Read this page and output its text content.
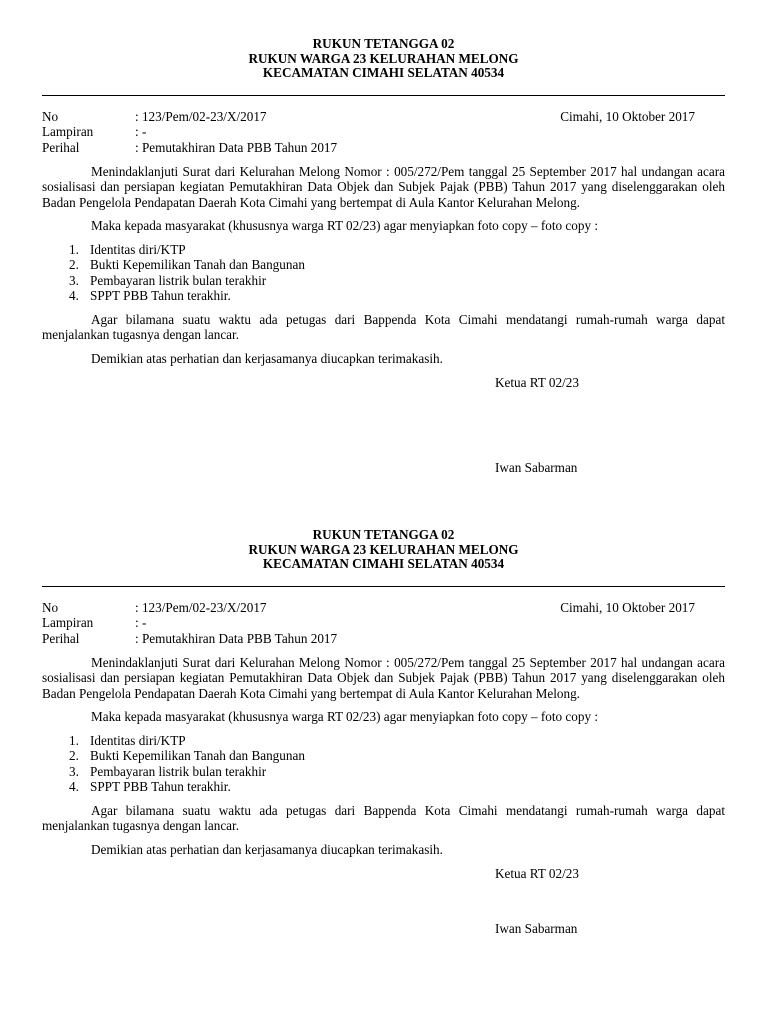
RUKUN TETANGGA 02
RUKUN WARGA 23 KELURAHAN MELONG
KECAMATAN CIMAHI SELATAN 40534
No	: 123/Pem/02-23/X/2017	Cimahi, 10 Oktober 2017
Lampiran	: -
Perihal	: Pemutakhiran Data PBB Tahun 2017

Menindaklanjuti Surat dari Kelurahan Melong Nomor : 005/272/Pem tanggal 25 September 2017 hal undangan acara sosialisasi dan persiapan kegiatan Pemutakhiran Data Objek dan Subjek Pajak (PBB) Tahun 2017 yang diselenggarakan oleh Badan Pengelola Pendapatan Daerah Kota Cimahi yang bertempat di Aula Kantor Kelurahan Melong.

Maka kepada masyarakat (khususnya warga RT 02/23) agar menyiapkan foto copy – foto copy :

1. Identitas diri/KTP
2. Bukti Kepemilikan Tanah dan Bangunan
3. Pembayaran listrik bulan terakhir
4. SPPT PBB Tahun terakhir.

Agar bilamana suatu waktu ada petugas dari Bappenda Kota Cimahi mendatangi rumah-rumah warga dapat menjalankan tugasnya dengan lancar.

Demikian atas perhatian dan kerjasamanya diucapkan terimakasih.

Ketua RT 02/23
Iwan Sabarman
RUKUN TETANGGA 02
RUKUN WARGA 23 KELURAHAN MELONG
KECAMATAN CIMAHI SELATAN 40534
No	: 123/Pem/02-23/X/2017	Cimahi, 10 Oktober 2017
Lampiran	: -
Perihal	: Pemutakhiran Data PBB Tahun 2017

Menindaklanjuti Surat dari Kelurahan Melong Nomor : 005/272/Pem tanggal 25 September 2017 hal undangan acara sosialisasi dan persiapan kegiatan Pemutakhiran Data Objek dan Subjek Pajak (PBB) Tahun 2017 yang diselenggarakan oleh Badan Pengelola Pendapatan Daerah Kota Cimahi yang bertempat di Aula Kantor Kelurahan Melong.

Maka kepada masyarakat (khususnya warga RT 02/23) agar menyiapkan foto copy – foto copy :

1. Identitas diri/KTP
2. Bukti Kepemilikan Tanah dan Bangunan
3. Pembayaran listrik bulan terakhir
4. SPPT PBB Tahun terakhir.

Agar bilamana suatu waktu ada petugas dari Bappenda Kota Cimahi mendatangi rumah-rumah warga dapat menjalankan tugasnya dengan lancar.

Demikian atas perhatian dan kerjasamanya diucapkan terimakasih.

Ketua RT 02/23
Iwan Sabarman
